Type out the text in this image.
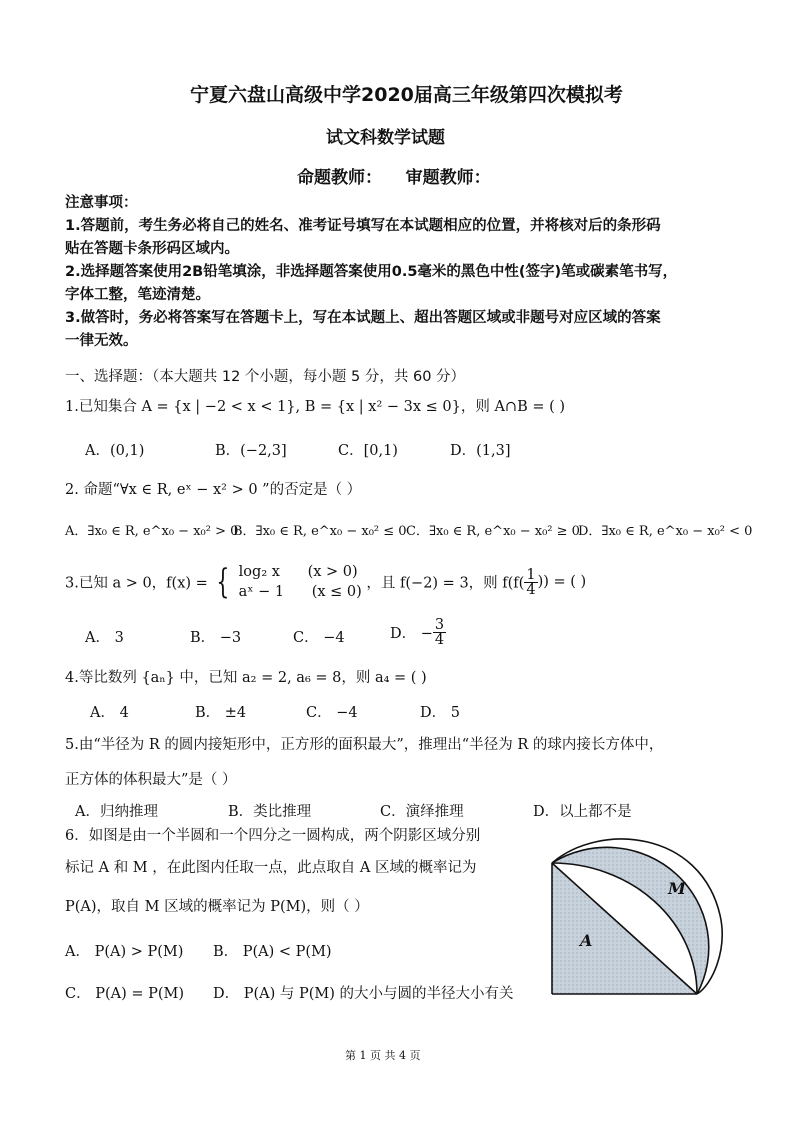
宁夏六盘山高级中学2020届高三年级第四次模拟考
试文科数学试题
命题教师：    审题教师：
注意事项：
1.答题前，考生务必将自己的姓名、准考证号填写在本试题相应的位置，并将核对后的条形码
贴在答题卡条形码区域内。
2.选择题答案使用2B铅笔填涂，非选择题答案使用0.5毫米的黑色中性(签字)笔或碳素笔书写，
字体工整，笔迹清楚。
3.做答时，务必将答案写在答题卡上，写在本试题上、超出答题区域或非题号对应区域的答案
一律无效。
一、选择题：（本大题共 12 个小题，每小题 5 分，共 60 分）
1.已知集合 A = {x | −2 < x < 1}, B = {x | x² − 3x ≤ 0}，则 A∩B = ( )
A．(0,1)	B．(−2,3]	C．[0,1)	D．(1,3]
2. 命题“∀x ∈ R, eˣ − x² > 0 ”的否定是（ ）
A．∃x₀ ∈ R, e^x₀ − x₀² > 0
B．∃x₀ ∈ R, e^x₀ − x₀² ≤ 0 C．∃x₀ ∈ R, e^x₀ − x₀² ≥ 0
D．∃x₀ ∈ R, e^x₀ − x₀² < 0
3.已知 a > 0，f(x) = { log₂ x      (x > 0)
aˣ − 1      (x ≤ 0)
，且 f(−2) = 3，则 $f(f( \frac{1}{4}$ )) = ( )
A． 3	B． −3	C． −4	D． − $\frac{3}{4}$
4.等比数列 {aₙ} 中，已知 a₂ = 2, a₆ = 8，则 a₄ = ( )
A． 4	B． ±4	C． −4	D． 5
5.由“半径为 R 的圆内接矩形中，正方形的面积最大”，推理出“半径为 R 的球内接长方体中，
正方体的体积最大”是（ ）
A．归纳推理	B．类比推理	C．演绎推理	D．以上都不是
6．如图是由一个半圆和一个四分之一圆构成，两个阴影区域分别
标记 A 和 M ，在此图内任取一点，此点取自 A 区域的概率记为
P(A)，取自 M 区域的概率记为 P(M)，则（ ）
A． P(A) > P(M) B． P(A) < P(M)
C． P(A) = P(M) D． P(A) 与 P(M) 的大小与圆的半径大小有关
A
M
第 1 页 共 4 页
